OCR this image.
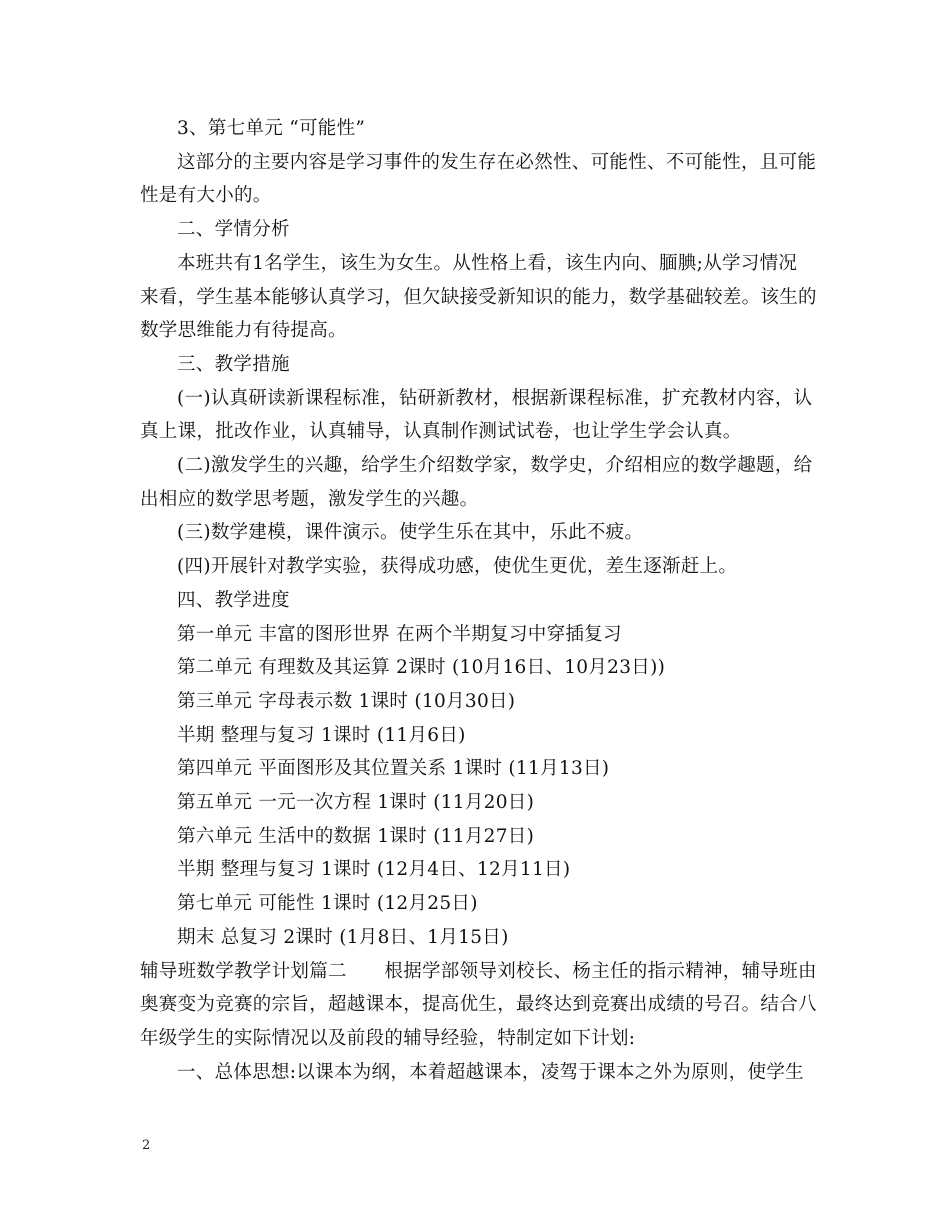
3、第七单元 “可能性”
这部分的主要内容是学习事件的发生存在必然性、可能性、不可能性，且可能
性是有大小的。
二、学情分析
本班共有1名学生，该生为女生。从性格上看，该生内向、腼腆;从学习情况
来看，学生基本能够认真学习，但欠缺接受新知识的能力，数学基础较差。该生的
数学思维能力有待提高。
三、教学措施
(一)认真研读新课程标准，钻研新教材，根据新课程标准，扩充教材内容，认
真上课，批改作业，认真辅导，认真制作测试试卷，也让学生学会认真。
(二)激发学生的兴趣，给学生介绍数学家，数学史，介绍相应的数学趣题，给
出相应的数学思考题，激发学生的兴趣。
(三)数学建模，课件演示。使学生乐在其中，乐此不疲。
(四)开展针对教学实验，获得成功感，使优生更优，差生逐渐赶上。
四、教学进度
第一单元 丰富的图形世界 在两个半期复习中穿插复习
第二单元 有理数及其运算 2课时 (10月16日、10月23日))
第三单元 字母表示数 1课时 (10月30日)
半期 整理与复习 1课时 (11月6日)
第四单元 平面图形及其位置关系 1课时 (11月13日)
第五单元 一元一次方程 1课时 (11月20日)
第六单元 生活中的数据 1课时 (11月27日)
半期 整理与复习 1课时 (12月4日、12月11日)
第七单元 可能性 1课时 (12月25日)
期末 总复习 2课时 (1月8日、1月15日)
辅导班数学教学计划篇二　　根据学部领导刘校长、杨主任的指示精神，辅导班由
奥赛变为竞赛的宗旨，超越课本，提高优生，最终达到竞赛出成绩的号召。结合八
年级学生的实际情况以及前段的辅导经验，特制定如下计划:
一、总体思想:以课本为纲，本着超越课本，凌驾于课本之外为原则，使学生
2
